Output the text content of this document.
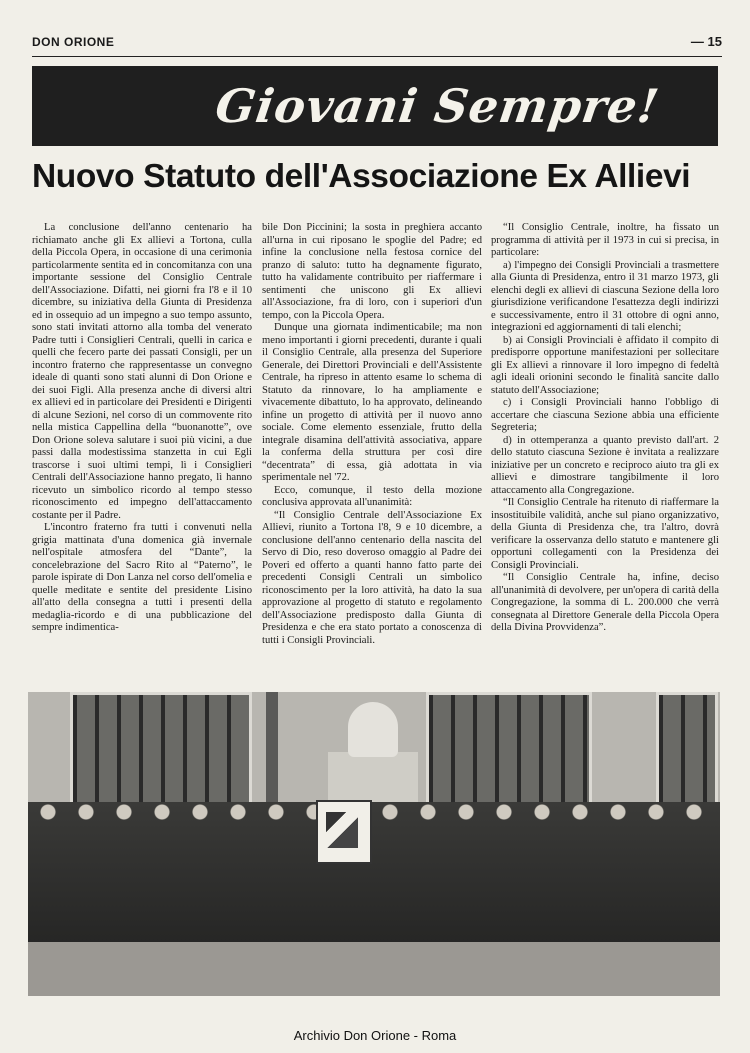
DON ORIONE	— 15
Giovani Sempre!
Nuovo Statuto dell'Associazione Ex Allievi

La conclusione dell'anno centenario ha richiamato anche gli Ex allievi a Tortona, culla della Piccola Opera, in occasione di una cerimonia particolarmente sentita ed in concomitanza con una importante sessione del Consiglio Centrale dell'Associazione. Difatti, nei giorni fra l'8 e il 10 dicembre, su iniziativa della Giunta di Presidenza ed in ossequio ad un impegno a suo tempo assunto, sono stati invitati attorno alla tomba del venerato Padre tutti i Consiglieri Centrali, quelli in carica e quelli che fecero parte dei passati Consigli, per un incontro fraterno che rappresentasse un convegno ideale di quanti sono stati alunni di Don Orione e dei suoi Figli. Alla presenza anche di diversi altri ex allievi ed in particolare dei Presidenti e Dirigenti di alcune Sezioni, nel corso di un commovente rito nella mistica Cappellina della “buonanotte”, ove Don Orione soleva salutare i suoi più vicini, a due passi dalla modestissima stanzetta in cui Egli trascorse i suoi ultimi tempi, lì i Consiglieri Centrali dell'Associazione hanno pregato, lì hanno ricevuto un simbolico ricordo al tempo stesso riconoscimento ed impegno dell'attaccamento costante per il Padre.

L'incontro fraterno fra tutti i convenuti nella grigia mattinata d'una domenica già invernale nell'ospitale atmosfera del “Dante”, la concelebrazione del Sacro Rito al “Paterno”, le parole ispirate di Don Lanza nel corso dell'omelia e quelle meditate e sentite del presidente Lisino all'atto della consegna a tutti i presenti della medaglia-ricordo e di una pubblicazione del sempre indimentica-

bile Don Piccinini; la sosta in preghiera accanto all'urna in cui riposano le spoglie del Padre; ed infine la conclusione nella festosa cornice del pranzo di saluto: tutto ha degnamente figurato, tutto ha validamente contribuito per riaffermare i sentimenti che uniscono gli Ex allievi all'Associazione, fra di loro, con i superiori d'un tempo, con la Piccola Opera.

Dunque una giornata indimenticabile; ma non meno importanti i giorni precedenti, durante i quali il Consiglio Centrale, alla presenza del Superiore Generale, dei Direttori Provinciali e dell'Assistente Centrale, ha ripreso in attento esame lo schema di Statuto da rinnovare, lo ha ampliamente e vivacemente dibattuto, lo ha approvato, delineando infine un progetto di attività per il nuovo anno sociale. Come elemento essenziale, frutto della integrale disamina dell'attività associativa, appare la conferma della struttura per così dire “decentrata” di essa, già adottata in via sperimentale nel '72.

Ecco, comunque, il testo della mozione conclusiva approvata all'unanimità:

“Il Consiglio Centrale dell'Associazione Ex Allievi, riunito a Tortona l'8, 9 e 10 dicembre, a conclusione dell'anno centenario della nascita del Servo di Dio, reso doveroso omaggio al Padre dei Poveri ed offerto a quanti hanno fatto parte dei precedenti Consigli Centrali un simbolico riconoscimento per la loro attività, ha dato la sua approvazione al progetto di statuto e regolamento dell'Associazione predisposto dalla Giunta di Presidenza e che era stato portato a conoscenza di tutti i Consigli Provinciali.

“Il Consiglio Centrale, inoltre, ha fissato un programma di attività per il 1973 in cui si precisa, in particolare:

a) l'impegno dei Consigli Provinciali a trasmettere alla Giunta di Presidenza, entro il 31 marzo 1973, gli elenchi degli ex allievi di ciascuna Sezione della loro giurisdizione verificandone l'esattezza degli indirizzi e successivamente, entro il 31 ottobre di ogni anno, integrazioni ed aggiornamenti di tali elenchi;

b) ai Consigli Provinciali è affidato il compito di predisporre opportune manifestazioni per sollecitare gli Ex allievi a rinnovare il loro impegno di fedeltà agli ideali orionini secondo le finalità sancite dallo statuto dell'Associazione;

c) i Consigli Provinciali hanno l'obbligo di accertare che ciascuna Sezione abbia una efficiente Segreteria;

d) in ottemperanza a quanto previsto dall'art. 2 dello statuto ciascuna Sezione è invitata a realizzare iniziative per un concreto e reciproco aiuto tra gli ex allievi e dimostrare tangibilmente il loro attaccamento alla Congregazione.

“Il Consiglio Centrale ha ritenuto di riaffermare la insostituibile validità, anche sul piano organizzativo, della Giunta di Presidenza che, tra l'altro, dovrà verificare la osservanza dello statuto e mantenere gli opportuni collegamenti con la Presidenza dei Consigli Provinciali.

“Il Consiglio Centrale ha, infine, deciso all'unanimità di devolvere, per un'opera di carità della Congregazione, la somma di L. 200.000 che verrà consegnata al Direttore Generale della Piccola Opera della Divina Provvidenza”.

Archivio Don Orione - Roma
